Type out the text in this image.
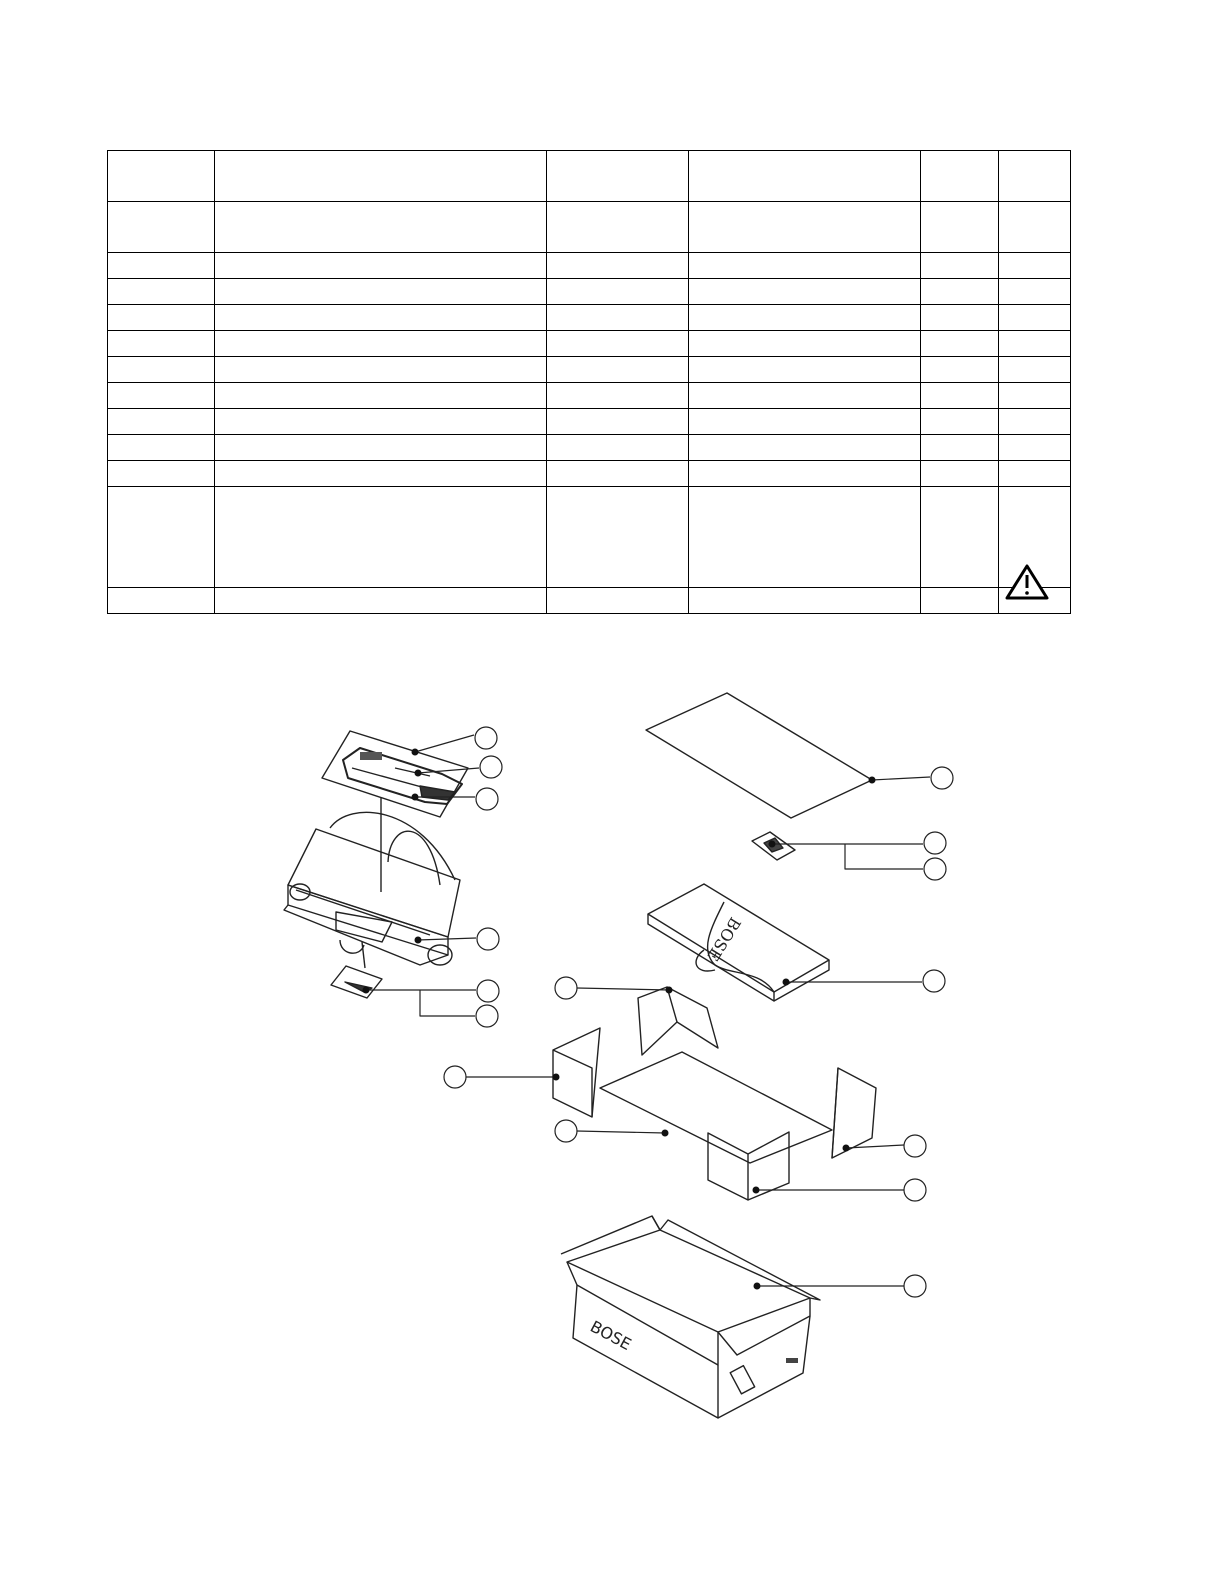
BOSE
BOSE
